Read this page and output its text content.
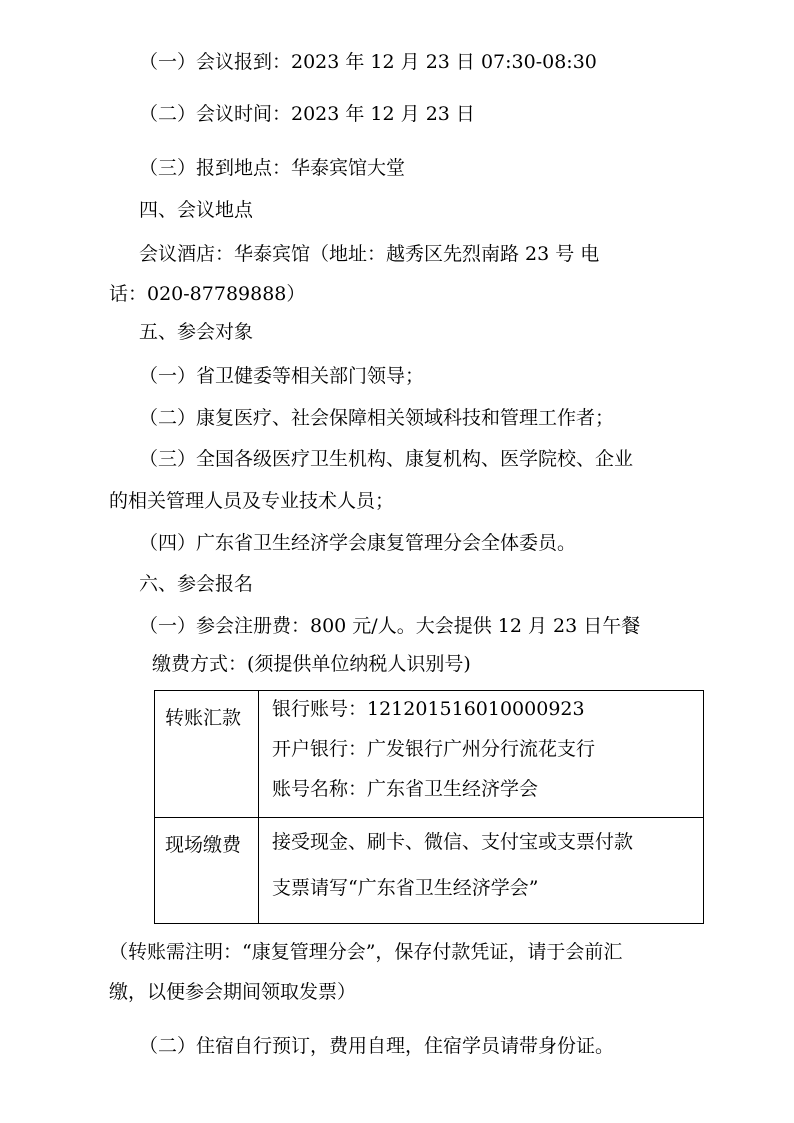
（一）会议报到：2023 年 12 月 23 日 07:30-08:30
（二）会议时间：2023 年 12 月 23 日
（三）报到地点：华泰宾馆大堂
四、会议地点
会议酒店：华泰宾馆（地址：越秀区先烈南路 23 号 电
话：020-87789888）
五、参会对象
（一）省卫健委等相关部门领导；
（二）康复医疗、社会保障相关领域科技和管理工作者；
（三）全国各级医疗卫生机构、康复机构、医学院校、企业
的相关管理人员及专业技术人员；
（四）广东省卫生经济学会康复管理分会全体委员。
六、参会报名
（一）参会注册费：800 元/人。大会提供 12 月 23 日午餐
缴费方式：(须提供单位纳税人识别号)
转账汇款	银行账号：121201516010000923
开户银行：广发银行广州分行流花支行
账号名称：广东省卫生经济学会

现场缴费	接受现金、刷卡、微信、支付宝或支票付款
支票请写“广东省卫生经济学会”
（转账需注明：“康复管理分会”，保存付款凭证，请于会前汇
缴，以便参会期间领取发票）
（二）住宿自行预订，费用自理，住宿学员请带身份证。
